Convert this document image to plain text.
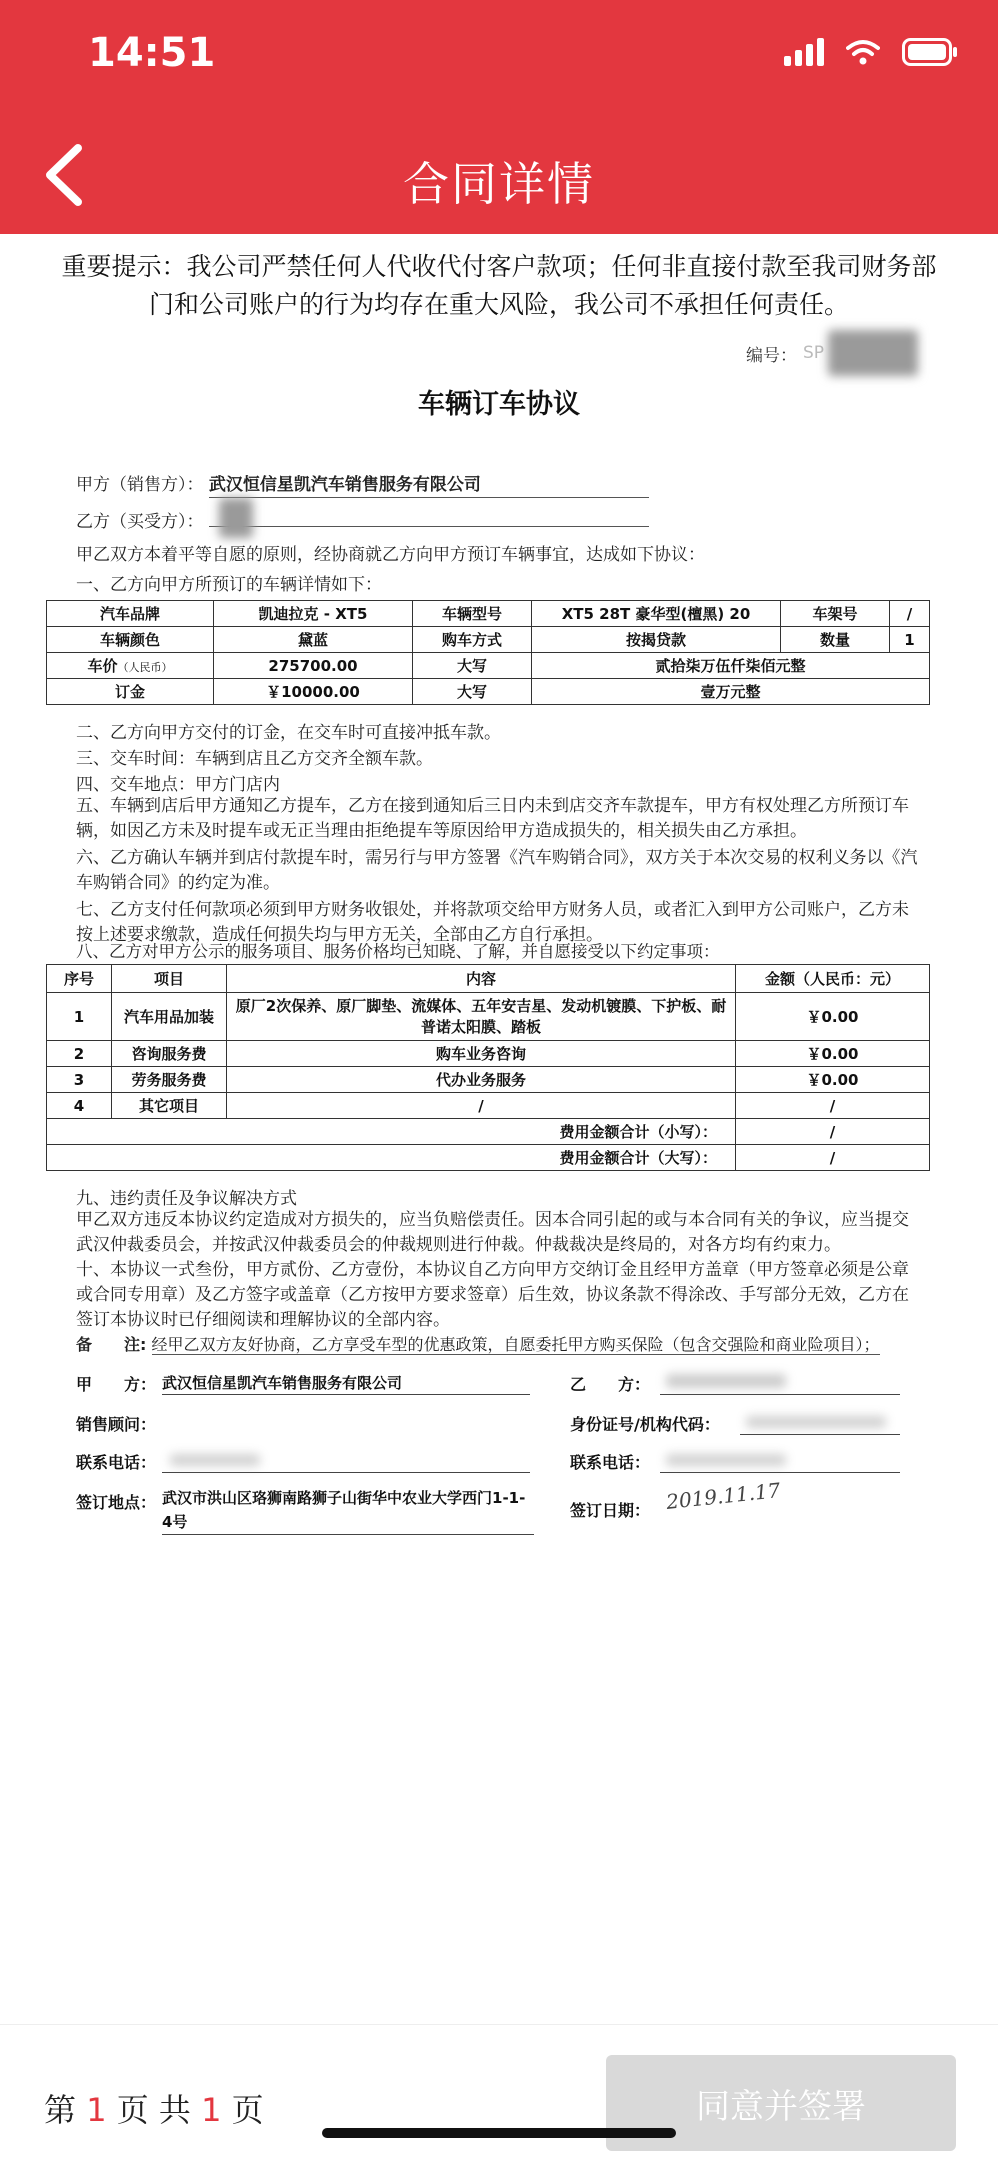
14:51
合同详情
重要提示：我公司严禁任何人代收代付客户款项；任何非直接付款至我司财务部门和公司账户的行为均存在重大风险，我公司不承担任何责任。
编号： SP
车辆订车协议
甲方（销售方）： 武汉恒信星凯汽车销售服务有限公司
乙方（买受方）：
甲乙双方本着平等自愿的原则，经协商就乙方向甲方预订车辆事宜，达成如下协议：
一、乙方向甲方所预订的车辆详情如下：
汽车品牌	凯迪拉克 - XT5	车辆型号	XT5 28T 豪华型(檀黑) 20	车架号	/
车辆颜色	黛蓝	购车方式	按揭贷款	数量	1
车价（人民币）	275700.00	大写	贰拾柒万伍仟柒佰元整		
订金	￥10000.00	大写	壹万元整		
二、乙方向甲方交付的订金，在交车时可直接冲抵车款。
三、交车时间：车辆到店且乙方交齐全额车款。
四、交车地点：甲方门店内
五、车辆到店后甲方通知乙方提车，乙方在接到通知后三日内未到店交齐车款提车，甲方有权处理乙方所预订车辆，如因乙方未及时提车或无正当理由拒绝提车等原因给甲方造成损失的，相关损失由乙方承担。
六、乙方确认车辆并到店付款提车时，需另行与甲方签署《汽车购销合同》，双方关于本次交易的权利义务以《汽车购销合同》的约定为准。
七、乙方支付任何款项必须到甲方财务收银处，并将款项交给甲方财务人员，或者汇入到甲方公司账户，乙方未按上述要求缴款，造成任何损失均与甲方无关，全部由乙方自行承担。
八、乙方对甲方公示的服务项目、服务价格均已知晓、了解，并自愿接受以下约定事项：
序号	项目	内容	金额（人民币：元）
1	汽车用品加装	原厂2次保养、原厂脚垫、流媒体、五年安吉星、发动机镀膜、下护板、耐普诺太阳膜、踏板	￥0.00
2	咨询服务费	购车业务咨询	￥0.00
3	劳务服务费	代办业务服务	￥0.00
4	其它项目	/	/
费用金额合计（小写）：			/
费用金额合计（大写）：			/
九、违约责任及争议解决方式
甲乙双方违反本协议约定造成对方损失的，应当负赔偿责任。因本合同引起的或与本合同有关的争议，应当提交武汉仲裁委员会，并按武汉仲裁委员会的仲裁规则进行仲裁。仲裁裁决是终局的，对各方均有约束力。
十、本协议一式叁份，甲方贰份、乙方壹份，本协议自乙方向甲方交纳订金且经甲方盖章（甲方签章必须是公章或合同专用章）及乙方签字或盖章（乙方按甲方要求签章）后生效，协议条款不得涂改、手写部分无效，乙方在签订本协议时已仔细阅读和理解协议的全部内容。
备　　注: 经甲乙双方友好协商，乙方享受车型的优惠政策，自愿委托甲方购买保险（包含交强险和商业险项目）；
甲　　方： 武汉恒信星凯汽车销售服务有限公司	乙　　方：
销售顾问：	身份证号/机构代码：
联系电话：	联系电话：
签订地点： 武汉市洪山区珞狮南路狮子山街华中农业大学西门1-1-4号
签订日期： 2019.11.17
第 1 页 共 1 页	同意并签署
